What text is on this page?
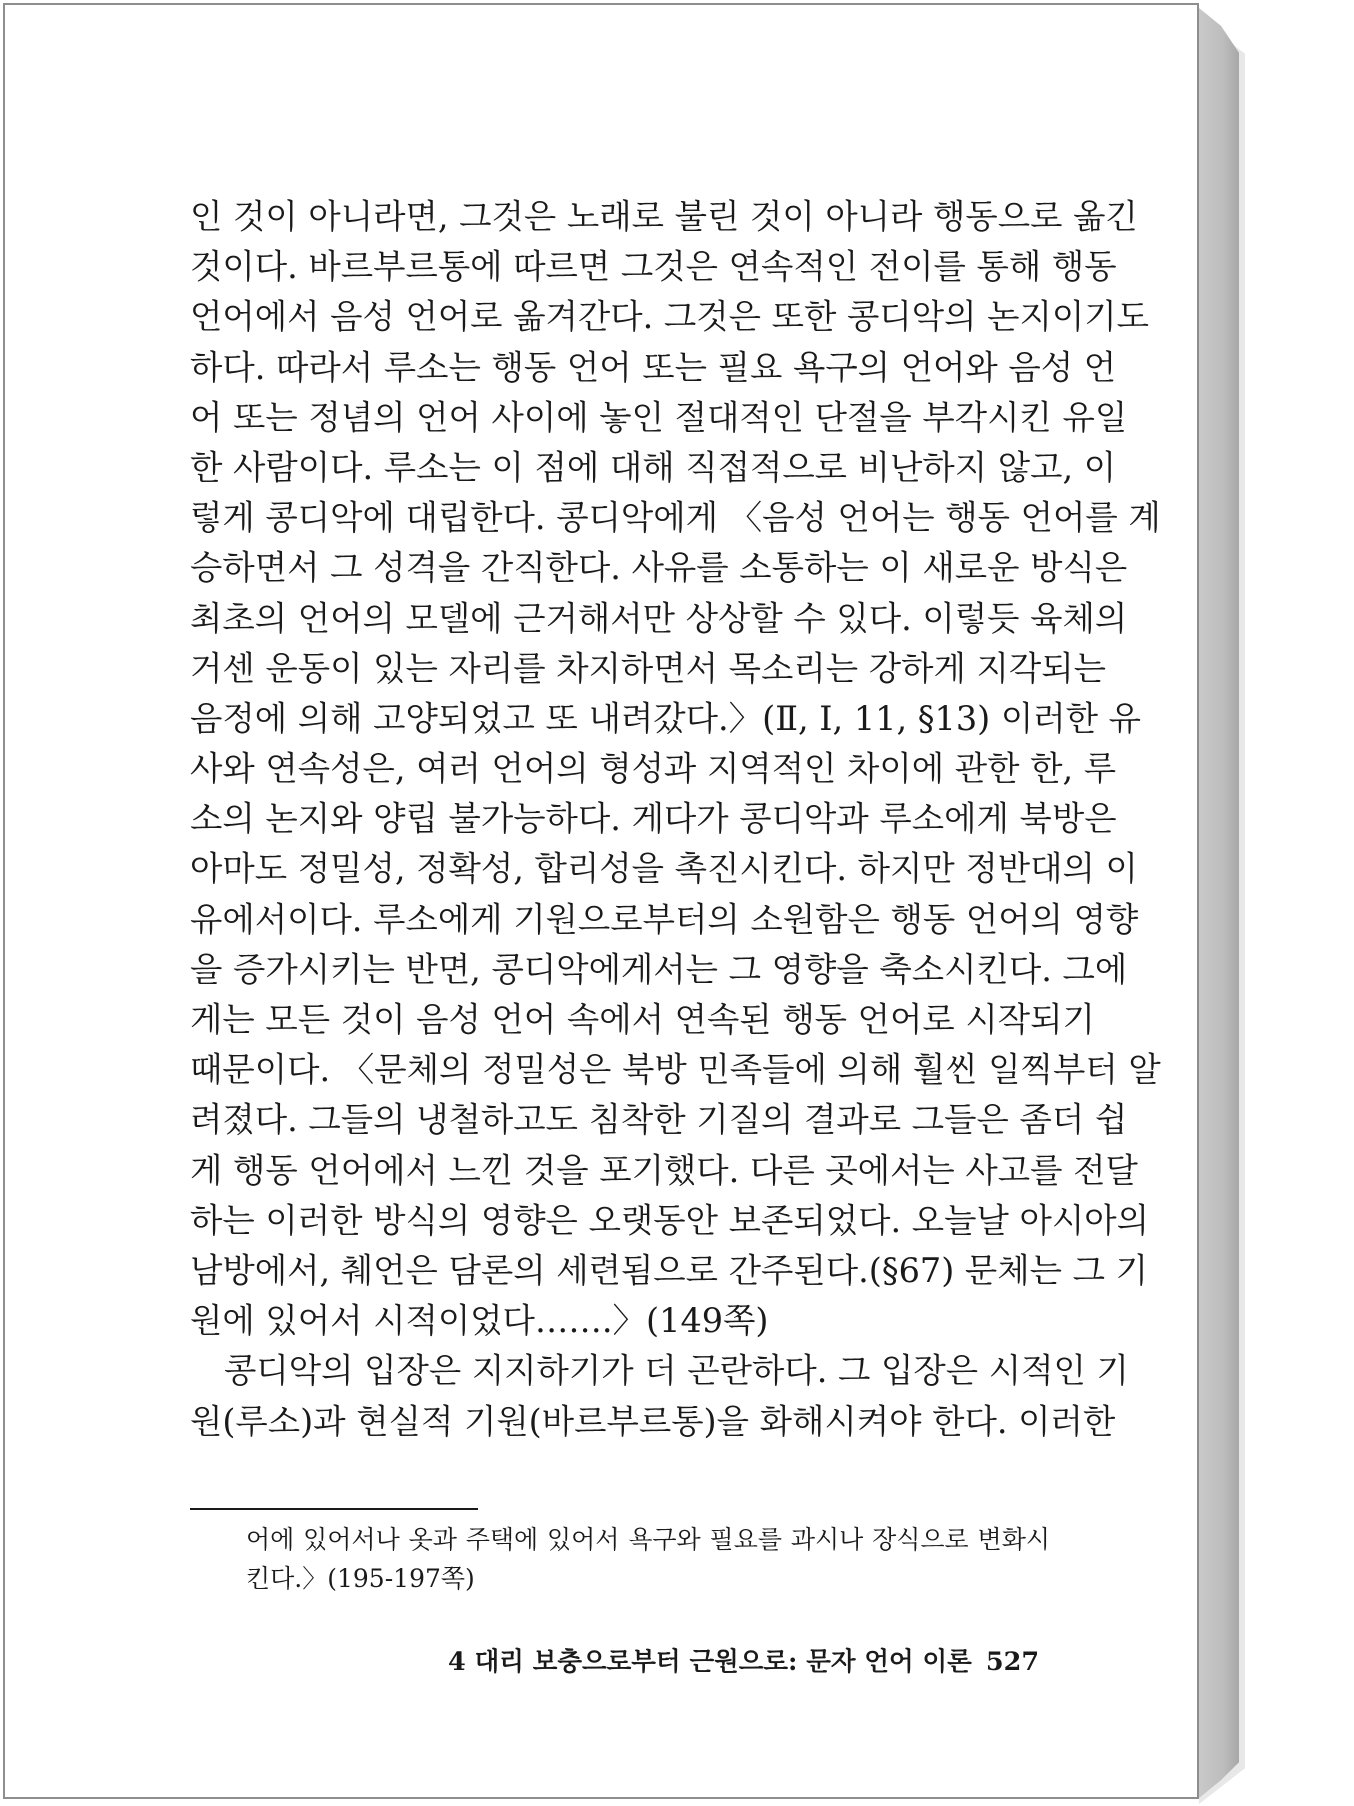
인 것이 아니라면, 그것은 노래로 불린 것이 아니라 행동으로 옮긴
것이다. 바르부르통에 따르면 그것은 연속적인 전이를 통해 행동
언어에서 음성 언어로 옮겨간다. 그것은 또한 콩디악의 논지이기도
하다. 따라서 루소는 행동 언어 또는 필요 욕구의 언어와 음성 언
어 또는 정념의 언어 사이에 놓인 절대적인 단절을 부각시킨 유일
한 사람이다. 루소는 이 점에 대해 직접적으로 비난하지 않고, 이
렇게 콩디악에 대립한다. 콩디악에게 〈음성 언어는 행동 언어를 계
승하면서 그 성격을 간직한다. 사유를 소통하는 이 새로운 방식은
최초의 언어의 모델에 근거해서만 상상할 수 있다. 이렇듯 육체의
거센 운동이 있는 자리를 차지하면서 목소리는 강하게 지각되는
음정에 의해 고양되었고 또 내려갔다.〉(Ⅱ, Ⅰ, 11, §13) 이러한 유
사와 연속성은, 여러 언어의 형성과 지역적인 차이에 관한 한, 루
소의 논지와 양립 불가능하다. 게다가 콩디악과 루소에게 북방은
아마도 정밀성, 정확성, 합리성을 촉진시킨다. 하지만 정반대의 이
유에서이다. 루소에게 기원으로부터의 소원함은 행동 언어의 영향
을 증가시키는 반면, 콩디악에게서는 그 영향을 축소시킨다. 그에
게는 모든 것이 음성 언어 속에서 연속된 행동 언어로 시작되기
때문이다. 〈문체의 정밀성은 북방 민족들에 의해 훨씬 일찍부터 알
려졌다. 그들의 냉철하고도 침착한 기질의 결과로 그들은 좀더 쉽
게 행동 언어에서 느낀 것을 포기했다. 다른 곳에서는 사고를 전달
하는 이러한 방식의 영향은 오랫동안 보존되었다. 오늘날 아시아의
남방에서, 췌언은 담론의 세련됨으로 간주된다.(§67) 문체는 그 기
원에 있어서 시적이었다…….〉(149쪽)
콩디악의 입장은 지지하기가 더 곤란하다. 그 입장은 시적인 기
원(루소)과 현실적 기원(바르부르통)을 화해시켜야 한다. 이러한
어에 있어서나 옷과 주택에 있어서 욕구와 필요를 과시나 장식으로 변화시
킨다.〉(195-197쪽)
4 대리 보충으로부터 근원으로: 문자 언어 이론 527
